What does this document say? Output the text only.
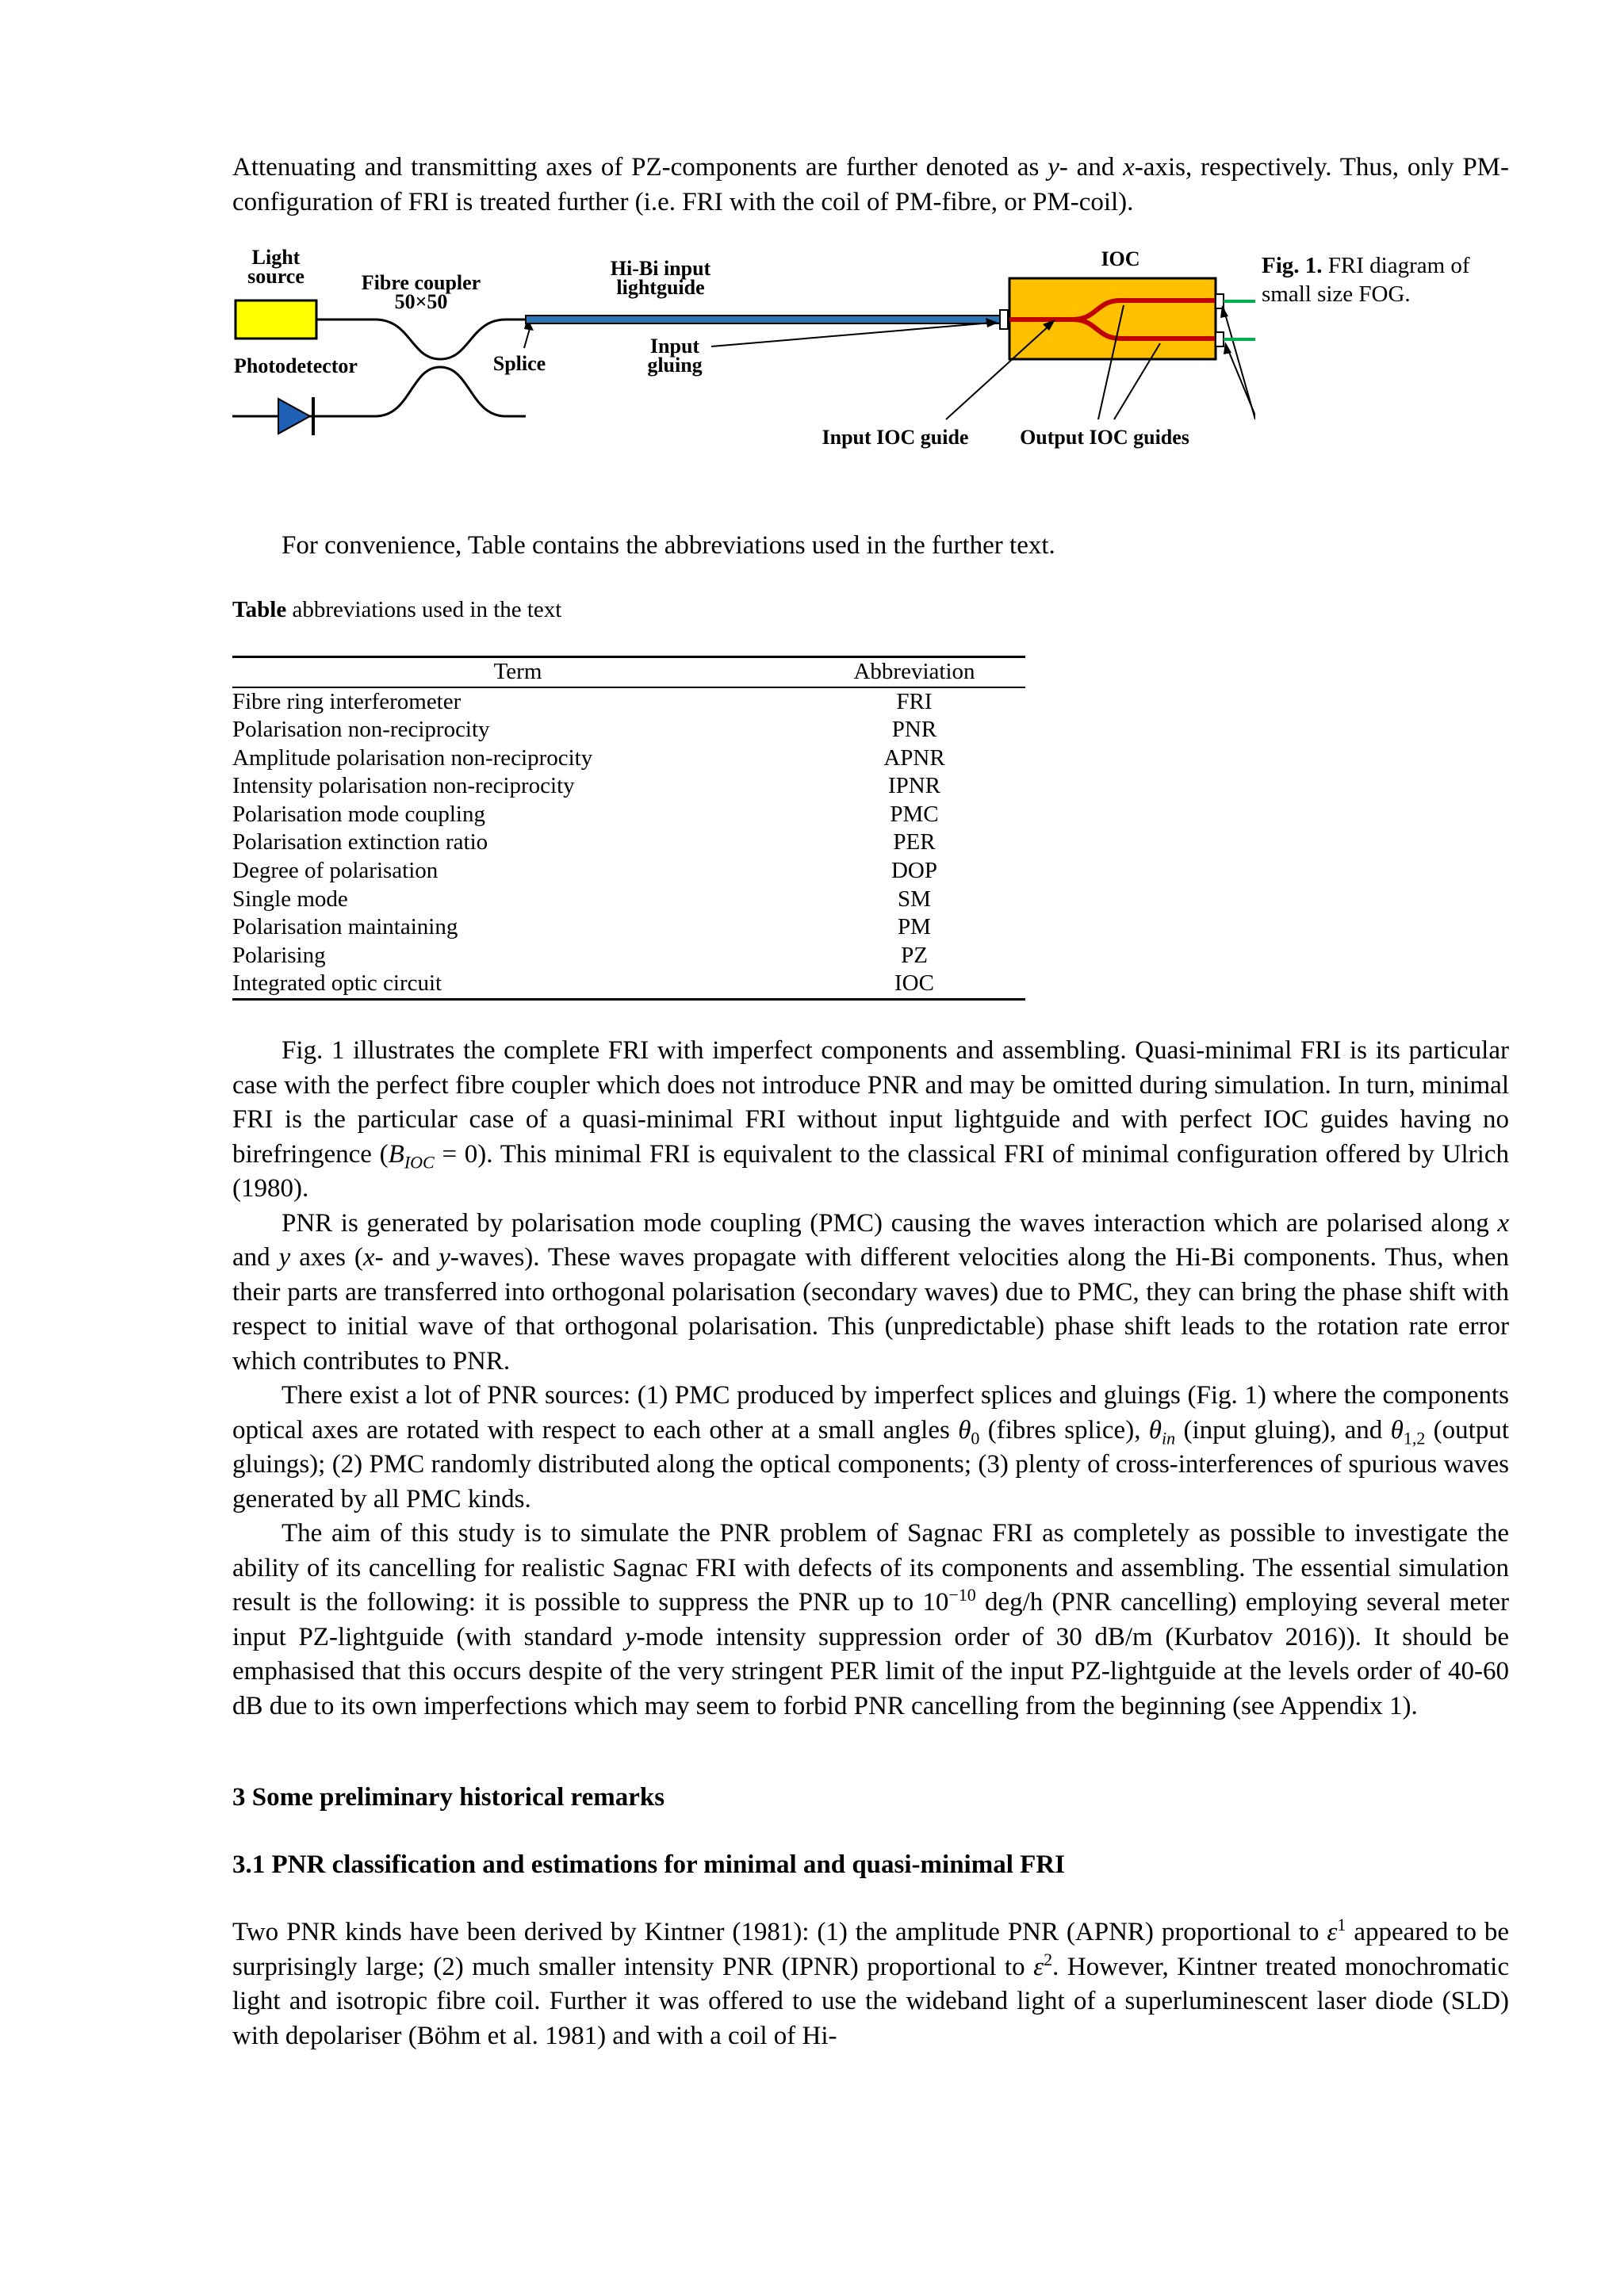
Attenuating and transmitting axes of PZ-components are further denoted as y- and x-axis, respectively. Thus, only PM-configuration of FRI is treated further (i.e. FRI with the coil of PM-fibre, or PM-coil).

Light
source	Fibre coupler
50×50
Photodetector	Splice
Hi-Bi input
lightguide
Input
gluing
IOC
Input IOC guide Output IOC guides
Fig. 1. FRI diagram of small size FOG.

For convenience, Table contains the abbreviations used in the further text.

Table abbreviations used in the text
Term	Abbreviation
Fibre ring interferometer	FRI
Polarisation non-reciprocity	PNR
Amplitude polarisation non-reciprocity	APNR
Intensity polarisation non-reciprocity	IPNR
Polarisation mode coupling	PMC
Polarisation extinction ratio	PER
Degree of polarisation	DOP
Single mode	SM
Polarisation maintaining	PM
Polarising	PZ
Integrated optic circuit	IOC

Fig. 1 illustrates the complete FRI with imperfect components and assembling. Quasi-minimal FRI is its particular case with the perfect fibre coupler which does not introduce PNR and may be omitted during simulation. In turn, minimal FRI is the particular case of a quasi-minimal FRI without input lightguide and with perfect IOC guides having no birefringence $(B_{IOC} = 0)$. This minimal FRI is equivalent to the classical FRI of minimal configuration offered by Ulrich (1980).

PNR is generated by polarisation mode coupling (PMC) causing the waves interaction which are polarised along x and y axes (x- and y-waves). These waves propagate with different velocities along the Hi-Bi components. Thus, when their parts are transferred into orthogonal polarisation (secondary waves) due to PMC, they can bring the phase shift with respect to initial wave of that orthogonal polarisation. This (unpredictable) phase shift leads to the rotation rate error which contributes to PNR.

There exist a lot of PNR sources: (1) PMC produced by imperfect splices and gluings (Fig. 1) where the components optical axes are rotated with respect to each other at a small angles $\theta_0$ (fibres splice), $\theta_{in}$ (input gluing), and $\theta_{1,2}$ (output gluings); (2) PMC randomly distributed along the optical components; (3) plenty of cross-interferences of spurious waves generated by all PMC kinds.

The aim of this study is to simulate the PNR problem of Sagnac FRI as completely as possible to investigate the ability of its cancelling for realistic Sagnac FRI with defects of its components and assembling. The essential simulation result is the following: it is possible to suppress the PNR up to $10^{-10}$ deg/h (PNR cancelling) employing several meter input PZ-lightguide (with standard y-mode intensity suppression order of 30 dB/m (Kurbatov 2016)). It should be emphasised that this occurs despite of the very stringent PER limit of the input PZ-lightguide at the levels order of 40-60 dB due to its own imperfections which may seem to forbid PNR cancelling from the beginning (see Appendix 1).

3 Some preliminary historical remarks
3.1 PNR classification and estimations for minimal and quasi-minimal FRI

Two PNR kinds have been derived by Kintner (1981): (1) the amplitude PNR (APNR) proportional to $\varepsilon^1$ appeared to be surprisingly large; (2) much smaller intensity PNR (IPNR) proportional to $\varepsilon^2$. However, Kintner treated monochromatic light and isotropic fibre coil. Further it was offered to use the wideband light of a superluminescent laser diode (SLD) with depolariser (Böhm et al. 1981) and with a coil of Hi-
